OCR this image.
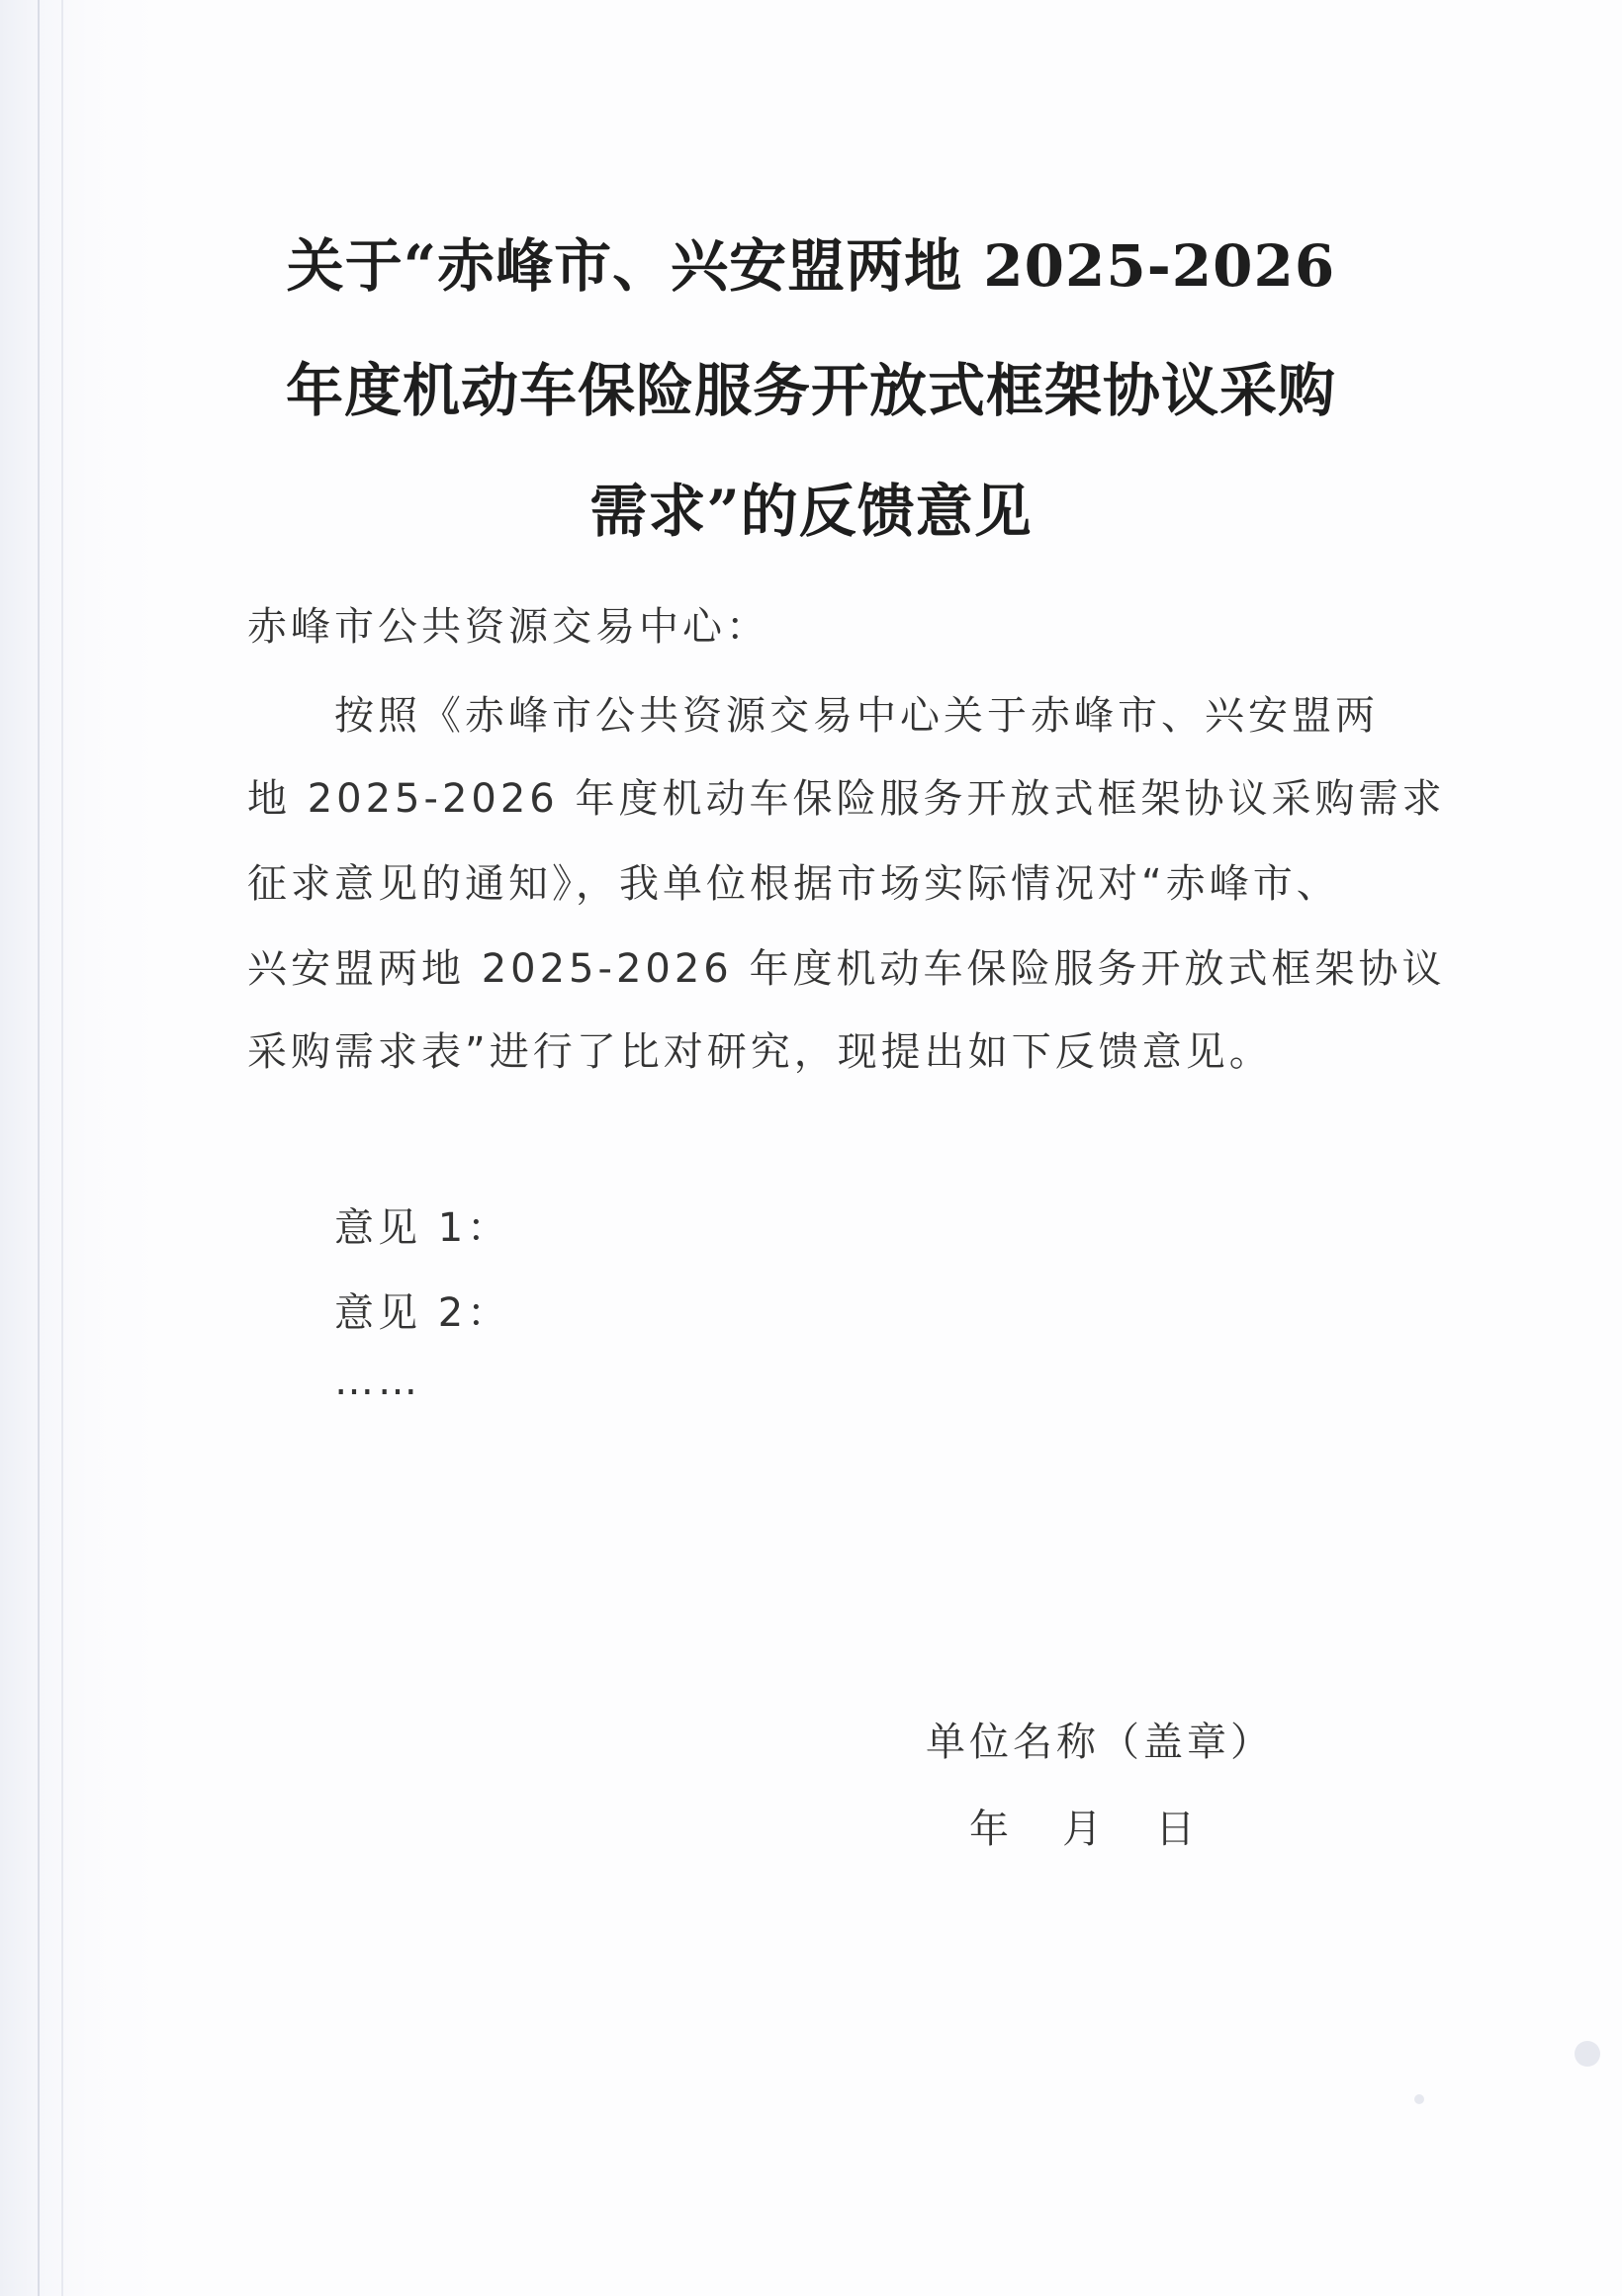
关于“赤峰市、兴安盟两地 2025-2026
年度机动车保险服务开放式框架协议采购
需求”的反馈意见
赤峰市公共资源交易中心：
按照《赤峰市公共资源交易中心关于赤峰市、兴安盟两
地 2025-2026 年度机动车保险服务开放式框架协议采购需求
征求意见的通知》，我单位根据市场实际情况对“赤峰市、
兴安盟两地 2025-2026 年度机动车保险服务开放式框架协议
采购需求表”进行了比对研究，现提出如下反馈意见。
意见 1：
意见 2：
……
单位名称（盖章）
年   月   日
